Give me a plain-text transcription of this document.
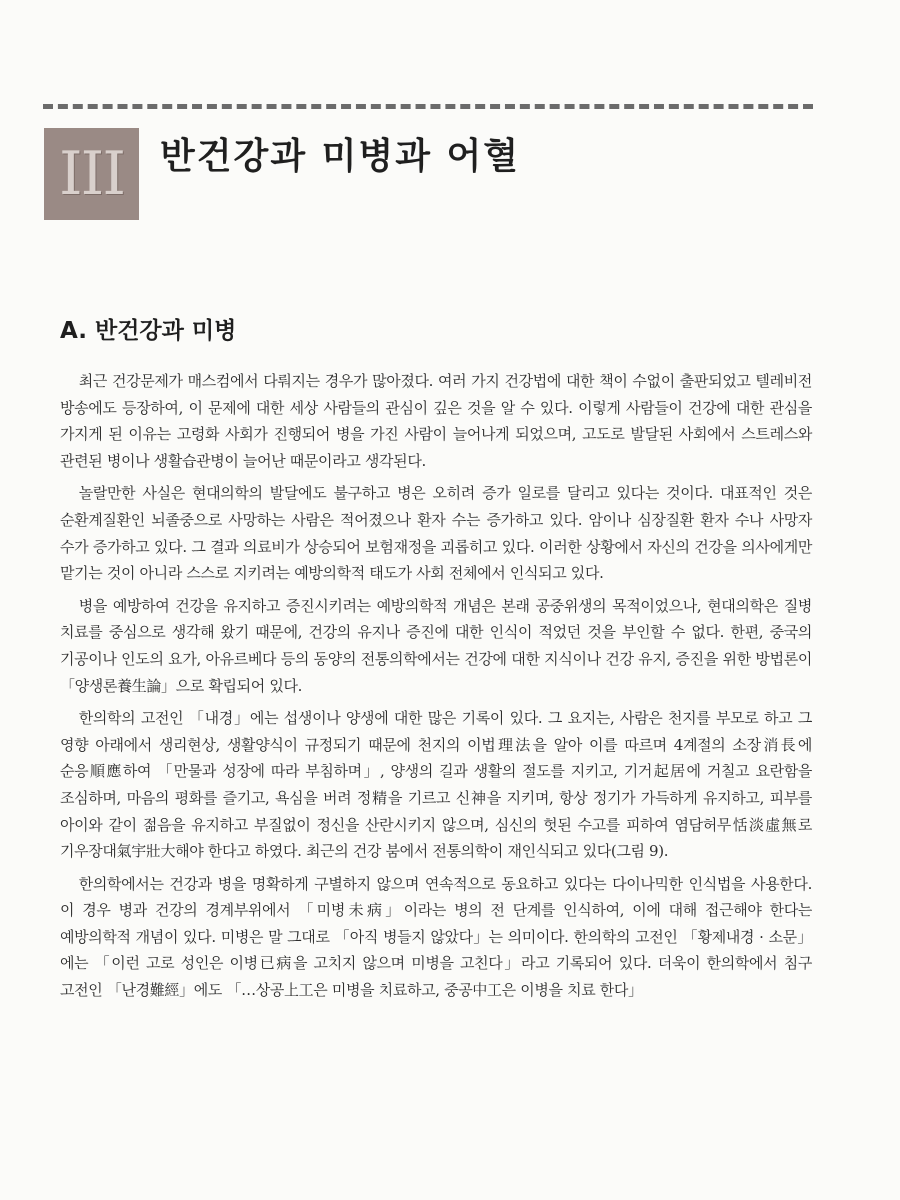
III 반건강과 미병과 어혈
A. 반건강과 미병

최근 건강문제가 매스컴에서 다뤄지는 경우가 많아졌다. 여러 가지 건강법에 대한 책이 수없이 출판되었고 텔레비전 방송에도 등장하여, 이 문제에 대한 세상 사람들의 관심이 깊은 것을 알 수 있다. 이렇게 사람들이 건강에 대한 관심을 가지게 된 이유는 고령화 사회가 진행되어 병을 가진 사람이 늘어나게 되었으며, 고도로 발달된 사회에서 스트레스와 관련된 병이나 생활습관병이 늘어난 때문이라고 생각된다.

놀랄만한 사실은 현대의학의 발달에도 불구하고 병은 오히려 증가 일로를 달리고 있다는 것이다. 대표적인 것은 순환계질환인 뇌졸중으로 사망하는 사람은 적어졌으나 환자 수는 증가하고 있다. 암이나 심장질환 환자 수나 사망자 수가 증가하고 있다. 그 결과 의료비가 상승되어 보험재정을 괴롭히고 있다. 이러한 상황에서 자신의 건강을 의사에게만 맡기는 것이 아니라 스스로 지키려는 예방의학적 태도가 사회 전체에서 인식되고 있다.

병을 예방하여 건강을 유지하고 증진시키려는 예방의학적 개념은 본래 공중위생의 목적이었으나, 현대의학은 질병 치료를 중심으로 생각해 왔기 때문에, 건강의 유지나 증진에 대한 인식이 적었던 것을 부인할 수 없다. 한편, 중국의 기공이나 인도의 요가, 아유르베다 등의 동양의 전통의학에서는 건강에 대한 지식이나 건강 유지, 증진을 위한 방법론이 「양생론養生論」으로 확립되어 있다.

한의학의 고전인 「내경」에는 섭생이나 양생에 대한 많은 기록이 있다. 그 요지는, 사람은 천지를 부모로 하고 그 영향 아래에서 생리현상, 생활양식이 규정되기 때문에 천지의 이법理法을 알아 이를 따르며 4계절의 소장消長에 순응順應하여 「만물과 성장에 따라 부침하며」, 양생의 길과 생활의 절도를 지키고, 기거起居에 거칠고 요란함을 조심하며, 마음의 평화를 즐기고, 욕심을 버려 정精을 기르고 신神을 지키며, 항상 정기가 가득하게 유지하고, 피부를 아이와 같이 젊음을 유지하고 부질없이 정신을 산란시키지 않으며, 심신의 헛된 수고를 피하여 염담허무恬淡虛無로 기우장대氣宇壯大해야 한다고 하였다. 최근의 건강 붐에서 전통의학이 재인식되고 있다(그림 9).

한의학에서는 건강과 병을 명확하게 구별하지 않으며 연속적으로 동요하고 있다는 다이나믹한 인식법을 사용한다. 이 경우 병과 건강의 경계부위에서 「미병未病」이라는 병의 전 단계를 인식하여, 이에 대해 접근해야 한다는 예방의학적 개념이 있다. 미병은 말 그대로 「아직 병들지 않았다」는 의미이다. 한의학의 고전인 「황제내경 · 소문」에는 「이런 고로 성인은 이병已病을 고치지 않으며 미병을 고친다」라고 기록되어 있다. 더욱이 한의학에서 침구 고전인 「난경難經」에도 「…상공上工은 미병을 치료하고, 중공中工은 이병을 치료 한다」
